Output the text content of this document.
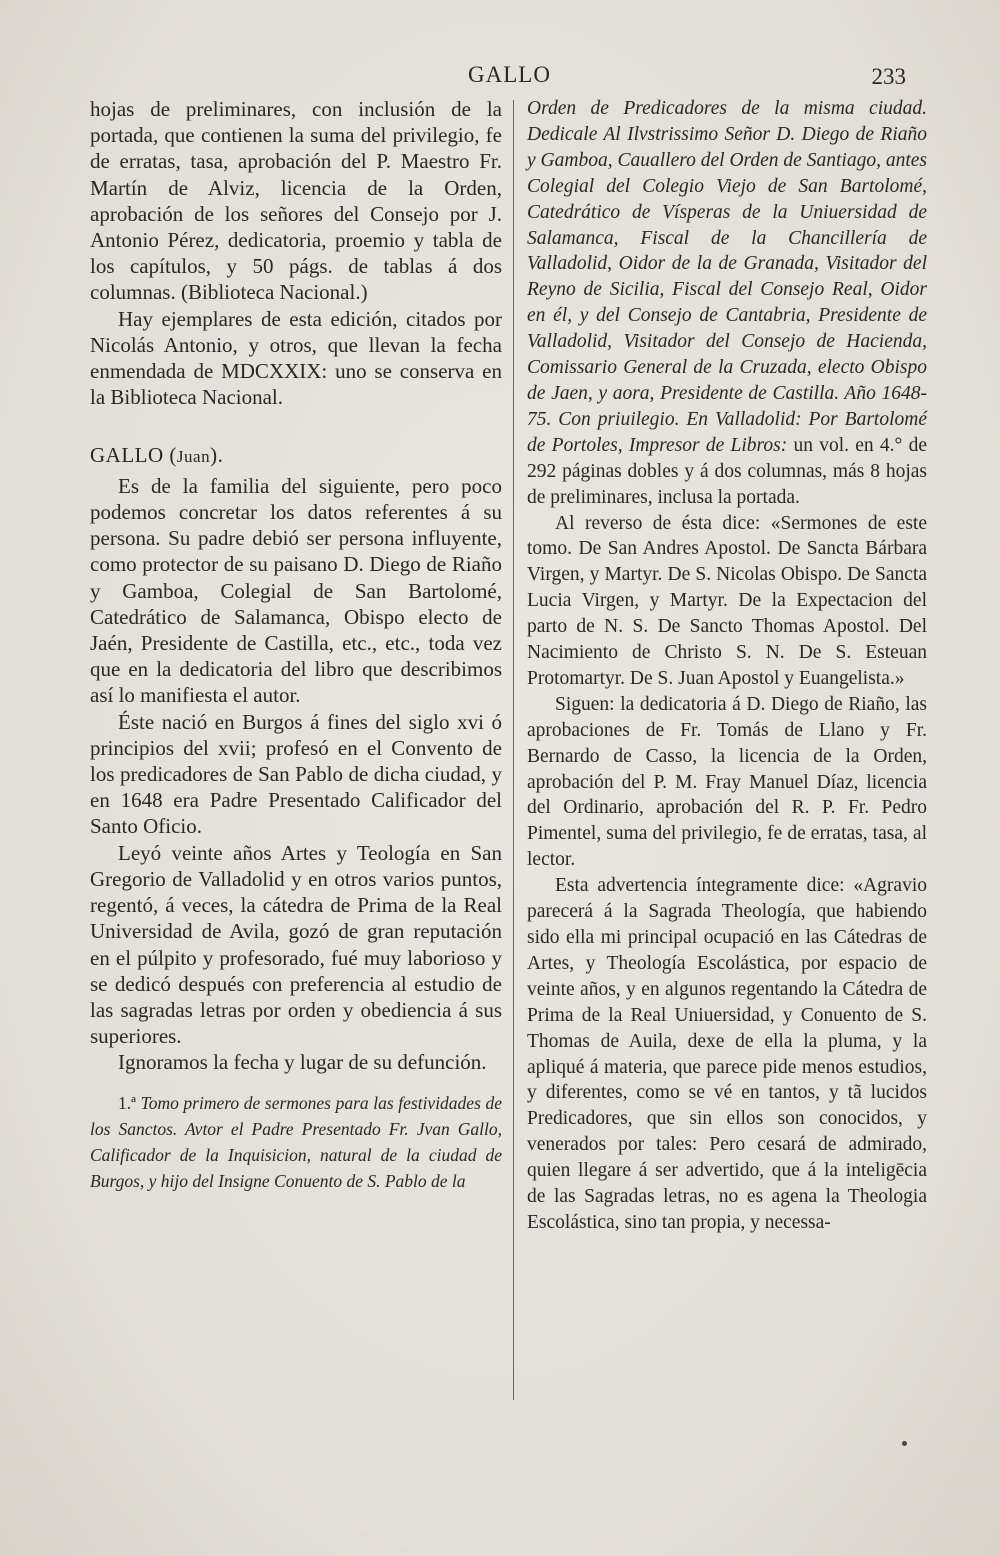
GALLO	233

hojas de preliminares, con inclusión de la portada, que contienen la suma del privilegio, fe de erratas, tasa, aprobación del P. Maestro Fr. Martín de Alviz, licencia de la Orden, aprobación de los señores del Consejo por J. Antonio Pérez, dedicatoria, proemio y tabla de los capítulos, y 50 págs. de tablas á dos columnas. (Biblioteca Nacional.)

Hay ejemplares de esta edición, citados por Nicolás Antonio, y otros, que llevan la fecha enmendada de MDCXXIX: uno se conserva en la Biblioteca Nacional.

GALLO (Juan).

Es de la familia del siguiente, pero poco podemos concretar los datos referentes á su persona. Su padre debió ser persona influyente, como protector de su paisano D. Diego de Riaño y Gamboa, Colegial de San Bartolomé, Catedrático de Salamanca, Obispo electo de Jaén, Presidente de Castilla, etc., etc., toda vez que en la dedicatoria del libro que describimos así lo manifiesta el autor.

Éste nació en Burgos á fines del siglo xvi ó principios del xvii; profesó en el Convento de los predicadores de San Pablo de dicha ciudad, y en 1648 era Padre Presentado Calificador del Santo Oficio.

Leyó veinte años Artes y Teología en San Gregorio de Valladolid y en otros varios puntos, regentó, á veces, la cátedra de Prima de la Real Universidad de Avila, gozó de gran reputación en el púlpito y profesorado, fué muy laborioso y se dedicó después con preferencia al estudio de las sagradas letras por orden y obediencia á sus superiores.

Ignoramos la fecha y lugar de su defunción.

1.ª Tomo primero de sermones para las festividades de los Sanctos. Avtor el Padre Presentado Fr. Jvan Gallo, Calificador de la Inquisicion, natural de la ciudad de Burgos, y hijo del Insigne Conuento de S. Pablo de la

Orden de Predicadores de la misma ciudad. Dedicale Al Ilvstrissimo Señor D. Diego de Riaño y Gamboa, Cauallero del Orden de Santiago, antes Colegial del Colegio Viejo de San Bartolomé, Catedrático de Vísperas de la Uniuersidad de Salamanca, Fiscal de la Chancillería de Valladolid, Oidor de la de Granada, Visitador del Reyno de Sicilia, Fiscal del Consejo Real, Oidor en él, y del Consejo de Cantabria, Presidente de Valladolid, Visitador del Consejo de Hacienda, Comissario General de la Cruzada, electo Obispo de Jaen, y aora, Presidente de Castilla. Año 1648-75. Con priuilegio. En Valladolid: Por Bartolomé de Portoles, Impresor de Libros: un vol. en 4.° de 292 páginas dobles y á dos columnas, más 8 hojas de preliminares, inclusa la portada.

Al reverso de ésta dice: «Sermones de este tomo. De San Andres Apostol. De Sancta Bárbara Virgen, y Martyr. De S. Nicolas Obispo. De Sancta Lucia Virgen, y Martyr. De la Expectacion del parto de N. S. De Sancto Thomas Apostol. Del Nacimiento de Christo S. N. De S. Esteuan Protomartyr. De S. Juan Apostol y Euangelista.»

Siguen: la dedicatoria á D. Diego de Riaño, las aprobaciones de Fr. Tomás de Llano y Fr. Bernardo de Casso, la licencia de la Orden, aprobación del P. M. Fray Manuel Díaz, licencia del Ordinario, aprobación del R. P. Fr. Pedro Pimentel, suma del privilegio, fe de erratas, tasa, al lector.

Esta advertencia íntegramente dice: «Agravio parecerá á la Sagrada Theología, que habiendo sido ella mi principal ocupació en las Cátedras de Artes, y Theología Escolástica, por espacio de veinte años, y en algunos regentando la Cátedra de Prima de la Real Uniuersidad, y Conuento de S. Thomas de Auila, dexe de ella la pluma, y la apliqué á materia, que parece pide menos estudios, y diferentes, como se vé en tantos, y tã lucidos Predicadores, que sin ellos son conocidos, y venerados por tales: Pero cesará de admirado, quien llegare á ser advertido, que á la inteligēcia de las Sagradas letras, no es agena la Theologia Escolástica, sino tan propia, y necessa-
